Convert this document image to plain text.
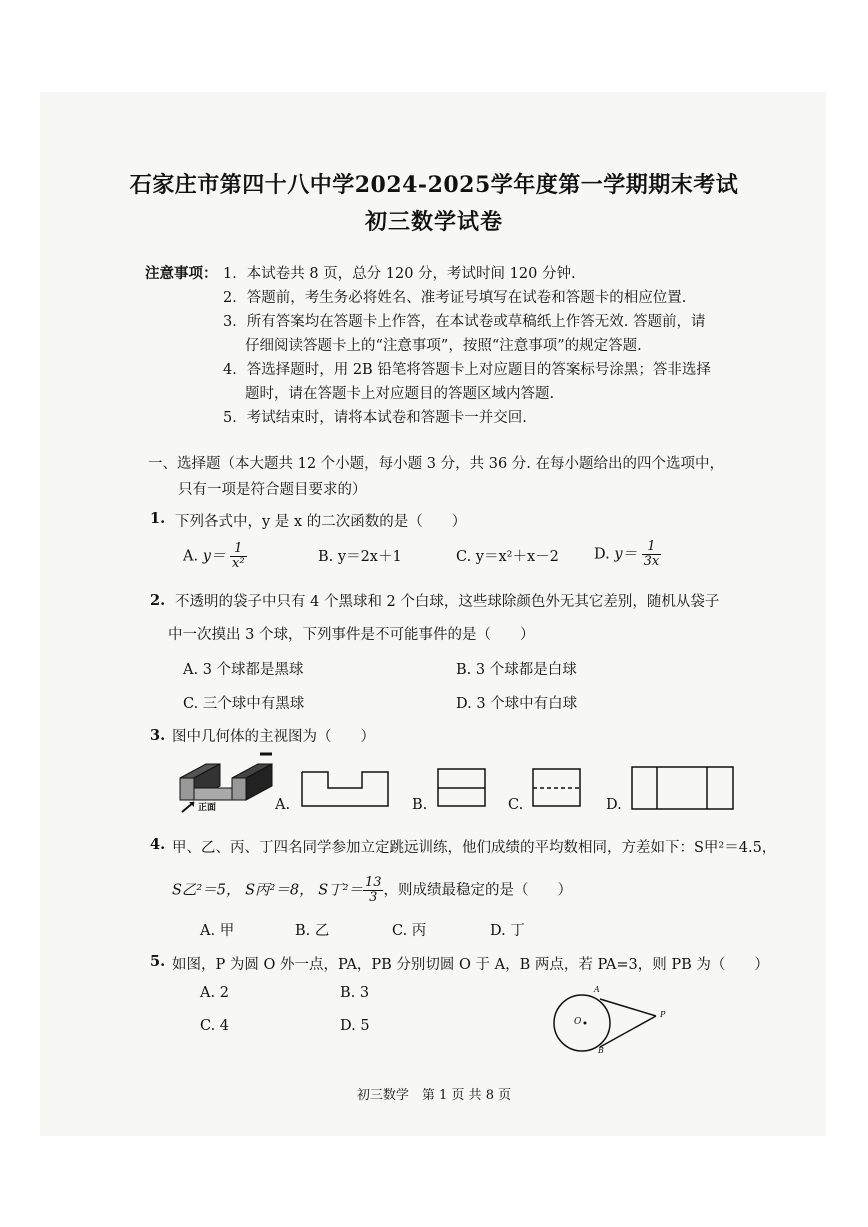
石家庄市第四十八中学2024-2025学年度第一学期期末考试
初三数学试卷
注意事项： 1．本试卷共 8 页，总分 120 分，考试时间 120 分钟.
2．答题前，考生务必将姓名、准考证号填写在试卷和答题卡的相应位置.
3．所有答案均在答题卡上作答，在本试卷或草稿纸上作答无效. 答题前，请
仔细阅读答题卡上的“注意事项”，按照“注意事项”的规定答题.
4．答选择题时，用 2B 铅笔将答题卡上对应题目的答案标号涂黑；答非选择
题时，请在答题卡上对应题目的答题区域内答题.
5．考试结束时，请将本试卷和答题卡一并交回.
一、选择题（本大题共 12 个小题，每小题 3 分，共 36 分. 在每小题给出的四个选项中，
只有一项是符合题目要求的）
1. 下列各式中，y 是 x 的二次函数的是（　　）
A. $y= \frac{1}{\text{x²}}$	B. y＝2x＋1	C. y＝x²＋x－2 D. $y= \frac{1}{3x}$
2. 不透明的袋子中只有 4 个黑球和 2 个白球，这些球除颜色外无其它差别，随机从袋子
中一次摸出 3 个球，下列事件是不可能事件的是（　　）
A. 3 个球都是黑球	B. 3 个球都是白球
C. 三个球中有黑球	D. 3 个球中有白球
3. 图中几何体的主视图为（　　）
正面	A.	B.	C.	D.
4. 甲、乙、丙、丁四名同学参加立定跳远训练，他们成绩的平均数相同，方差如下：S甲²＝4.5，
S乙²＝5， S丙²＝8， S丁$^2= \frac{13}{3}$ ，则成绩最稳定的是（　　）
A. 甲	B. 乙	C. 丙	D. 丁
5. 如图，P 为圆 O 外一点，PA，PB 分别切圆 O 于 A，B 两点，若 PA=3，则 PB 为（　　）
A. 2	B. 3
C. 4	D. 5
A
B
O
P
初三数学　第 1 页 共 8 页
